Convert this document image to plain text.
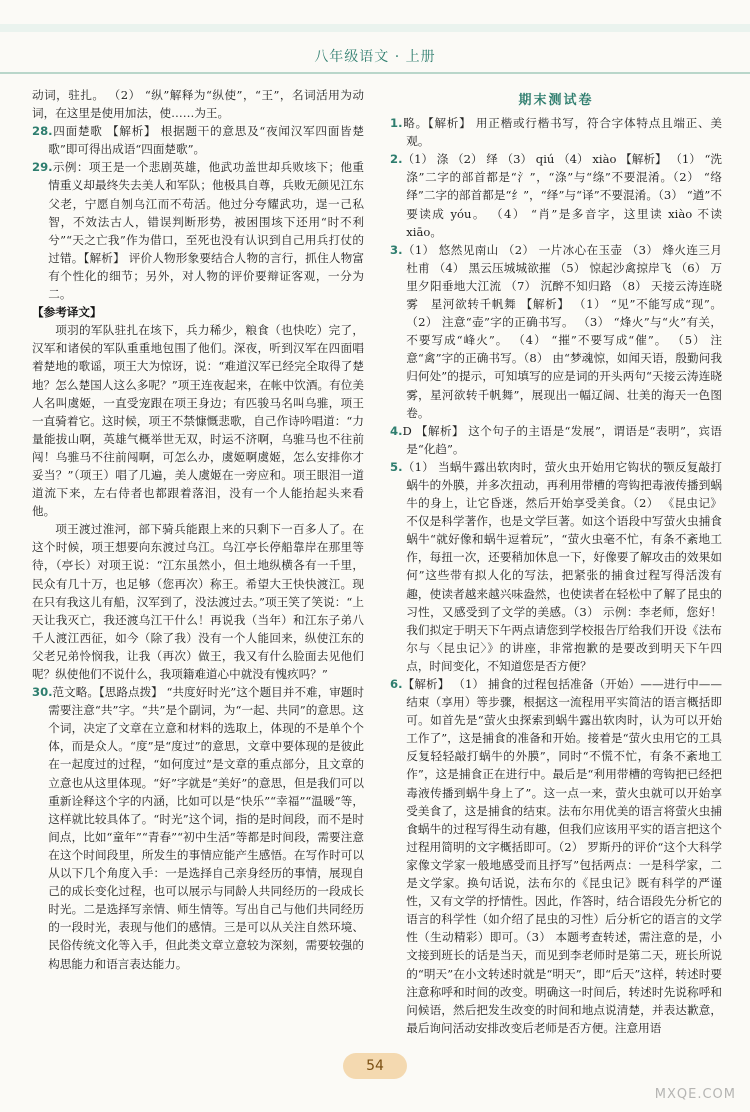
八年级语文 · 上册

动词，驻扎。 （2） “纵”解释为“纵使”，“王”，名词活用为动词，在这里是使用加法，使……为王。

28.四面楚歌 【解析】 根据题干的意思及“夜闻汉军四面皆楚歌”即可得出成语“四面楚歌”。

29.示例：项王是一个悲剧英雄，他武功盖世却兵败垓下；他重情重义却最终失去美人和军队；他极具自尊，兵败无颜见江东父老，宁愿自刎乌江而不苟活。他过分夸耀武功，逞一己私智，不效法古人，错误判断形势，被困围垓下还用“时不利兮”“天之亡我”作为借口，至死也没有认识到自己用兵打仗的过错。【解析】 评价人物形象要结合人物的言行，抓住人物富有个性化的细节；另外，对人物的评价要辩证客观，一分为二。

【参考译文】

项羽的军队驻扎在垓下，兵力稀少，粮食（也快吃）完了，汉军和诸侯的军队重重地包围了他们。深夜，听到汉军在四面唱着楚地的歌谣，项王大为惊讶，说：“难道汉军已经完全取得了楚地？怎么楚国人这么多呢？”项王连夜起来，在帐中饮酒。有位美人名叫虞姬，一直受宠跟在项王身边；有匹骏马名叫乌骓，项王一直骑着它。这时候，项王不禁慷慨悲歌，自己作诗吟唱道：“力量能拔山啊，英雄气概举世无双，时运不济啊，乌骓马也不往前闯！乌骓马不往前闯啊，可怎么办，虞姬啊虞姬，怎么安排你才妥当？”（项王）唱了几遍，美人虞姬在一旁应和。项王眼泪一道道流下来，左右侍者也都跟着落泪，没有一个人能抬起头来看他。

项王渡过淮河，部下骑兵能跟上来的只剩下一百多人了。在这个时候，项王想要向东渡过乌江。乌江亭长停船靠岸在那里等待，（亭长）对项王说：“江东虽然小，但土地纵横各有一千里，民众有几十万，也足够（您再次）称王。希望大王快快渡江。现在只有我这儿有船，汉军到了，没法渡过去。”项王笑了笑说：“上天让我灭亡，我还渡乌江干什么！再说我（当年）和江东子弟八千人渡江西征，如今（除了我）没有一个人能回来，纵使江东的父老兄弟怜悯我，让我（再次）做王，我又有什么脸面去见他们呢？纵使他们不说什么，我项籍难道心中就没有愧疚吗？”

30.范文略。【思路点拨】 “共度好时光”这个题目并不难，审题时需要注意“共”字。“共”是个副词，为“一起、共同”的意思。这个词，决定了文章在立意和材料的选取上，体现的不是单个个体，而是众人。“度”是“度过”的意思，文章中要体现的是彼此在一起度过的过程，“如何度过”是文章的重点部分，且文章的立意也从这里体现。“好”字就是“美好”的意思，但是我们可以重新诠释这个字的内涵，比如可以是“快乐”“幸福”“温暖”等，这样就比较具体了。“时光”这个词，指的是时间段，而不是时间点，比如“童年”“青春”“初中生活”等都是时间段，需要注意在这个时间段里，所发生的事情应能产生感悟。在写作时可以从以下几个角度入手：一是选择自己亲身经历的事情，展现自己的成长变化过程，也可以展示与同龄人共同经历的一段成长时光。二是选择写亲情、师生情等。写出自己与他们共同经历的一段时光，表现与他们的感情。三是可以从关注自然环境、民俗传统文化等入手，但此类文章立意较为深刻，需要较强的构思能力和语言表达能力。

期末测试卷

1.略。【解析】 用正楷或行楷书写，符合字体特点且端正、美观。

2.（1） 涤 （2） 绎 （3） qiú （4） xiào 【解析】 （1） “洗涤”二字的部首都是“氵”，“涤”与“绦”不要混淆。（2） “络绎”二字的部首都是“纟”，“绎”与“译”不要混淆。（3） “遒”不要读成 yóu。 （4） “肖”是多音字，这里读 xiào 不读 xiāo。

3.（1） 悠然见南山 （2） 一片冰心在玉壶 （3） 烽火连三月　杜甫 （4） 黑云压城城欲摧 （5） 惊起沙禽掠岸飞 （6） 万里夕阳垂地大江流 （7） 沉醉不知归路 （8） 天接云涛连晓雾　星河欲转千帆舞 【解析】 （1） “见”不能写成“现”。 （2） 注意“壶”字的正确书写。 （3） “烽火”与“火”有关，不要写成“峰火”。 （4） “摧”不要写成“催”。 （5） 注意“禽”字的正确书写。（8） 由“梦魂惊，如闻天语，殷勤问我归何处”的提示，可知填写的应是词的开头两句“天接云涛连晓雾，星河欲转千帆舞”，展现出一幅辽阔、壮美的海天一色图卷。

4.D 【解析】 这个句子的主语是“发展”，谓语是“表明”，宾语是“化趋”。

5.（1） 当蜗牛露出软肉时，萤火虫开始用它钩状的颚反复敲打蜗牛的外膜，并多次扭动，再利用带槽的弯钩把毒液传播到蜗牛的身上，让它昏迷，然后开始享受美食。（2） 《昆虫记》不仅是科学著作，也是文学巨著。如这个语段中写萤火虫捕食蜗牛“就好像和蜗牛逗着玩”，“萤火虫毫不忙，有条不紊地工作，每扭一次，还要稍加休息一下，好像要了解攻击的效果如何”这些带有拟人化的写法，把紧张的捕食过程写得活泼有趣，使读者越来越兴味盎然，也使读者在轻松中了解了昆虫的习性，又感受到了文学的美感。（3） 示例：李老师，您好！我们拟定于明天下午两点请您到学校报告厅给我们开设《法布尔与〈昆虫记〉》的讲座，非常抱歉的是要改到明天下午四点，时间变化，不知道您是否方便？

6.【解析】 （1） 捕食的过程包括准备（开始）——进行中——结束（享用）等步骤，根据这一流程用平实简洁的语言概括即可。如首先是“萤火虫探索到蜗牛露出软肉时，认为可以开始工作了”，这是捕食的准备和开始。接着是“萤火虫用它的工具反复轻轻敲打蜗牛的外膜”，同时“不慌不忙，有条不紊地工作”，这是捕食正在进行中。最后是“利用带槽的弯钩把已经把毒液传播到蜗牛身上了”。这一点一来，萤火虫就可以开始享受美食了，这是捕食的结束。法布尔用优美的语言将萤火虫捕食蜗牛的过程写得生动有趣，但我们应该用平实的语言把这个过程用简明的文字概括即可。（2） 罗斯丹的评价“这个大科学家像文学家一般地感受而且抒写”包括两点：一是科学家，二是文学家。换句话说，法布尔的《昆虫记》既有科学的严谨性，又有文学的抒情性。因此，作答时，结合语段先分析它的语言的科学性（如介绍了昆虫的习性）后分析它的语言的文学性（生动精彩）即可。（3） 本题考查转述，需注意的是，小文接到班长的话是当天，而见到李老师时是第二天，班长所说的“明天”在小文转述时就是“明天”，即“后天”这样，转述时要注意称呼和时间的改变。明确这一时间后，转述时先说称呼和问候语，然后把发生改变的时间和地点说清楚，并表达歉意，最后询问活动安排改变后老师是否方便。注意用语

54
MXQE.COM
